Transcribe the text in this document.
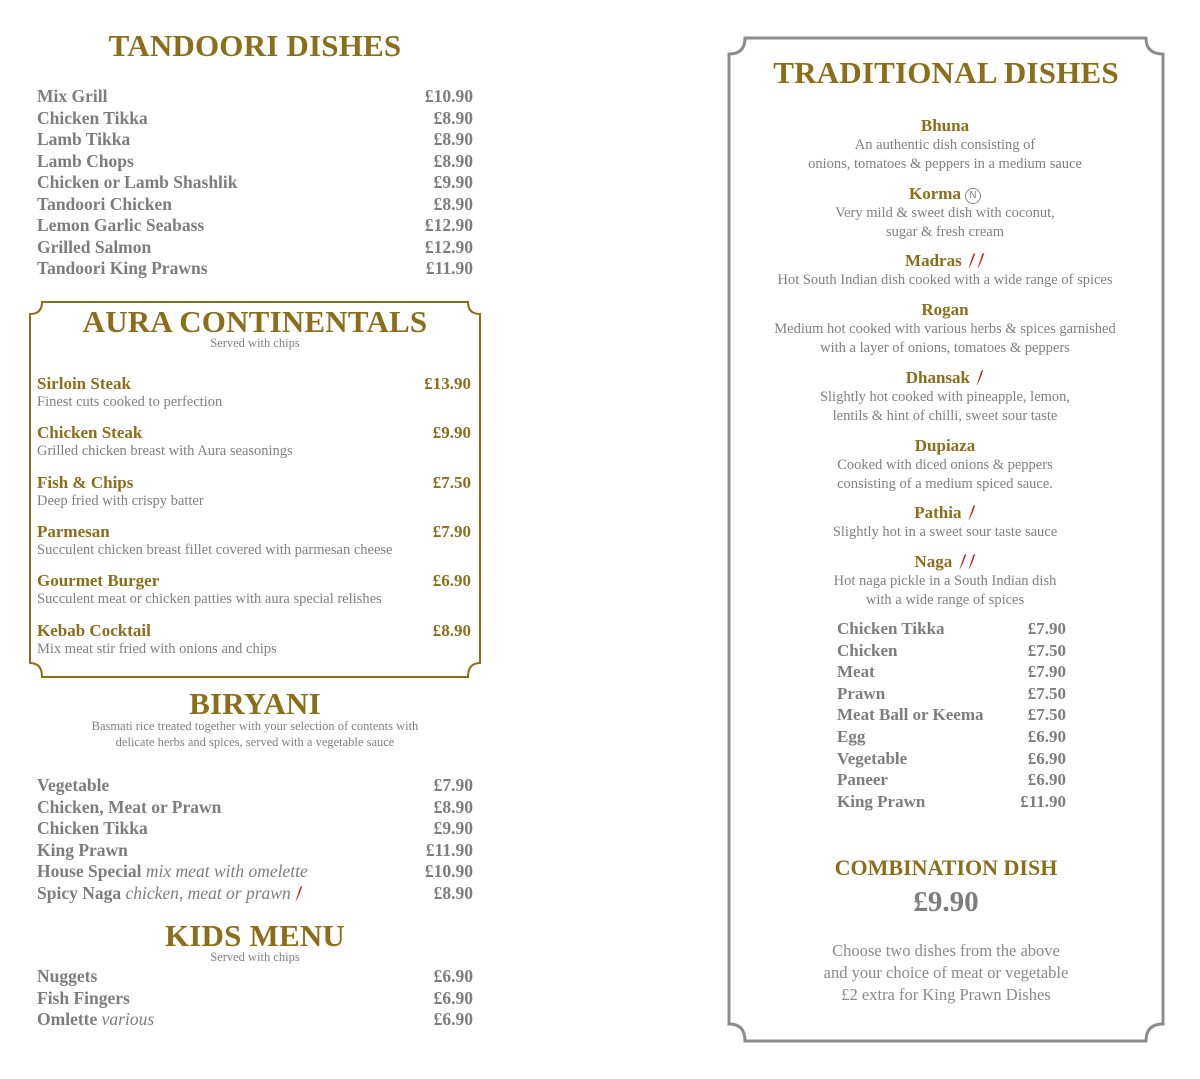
TANDOORI DISHES
Mix Grill	£10.90
Chicken Tikka	£8.90
Lamb Tikka	£8.90
Lamb Chops	£8.90
Chicken or Lamb Shashlik	£9.90
Tandoori Chicken	£8.90
Lemon Garlic Seabass	£12.90
Grilled Salmon	£12.90
Tandoori King Prawns	£11.90
AURA CONTINENTALS
Served with chips
Sirloin Steak	£13.90
Finest cuts cooked to perfection
Chicken Steak	£9.90
Grilled chicken breast with Aura seasonings
Fish & Chips	£7.50
Deep fried with crispy batter
Parmesan	£7.90
Succulent chicken breast fillet covered with parmesan cheese
Gourmet Burger	£6.90
Succulent meat or chicken patties with aura special relishes
Kebab Cocktail	£8.90
Mix meat stir fried with onions and chips
BIRYANI
Basmati rice treated together with your selection of contents with
delicate herbs and spices, served with a vegetable sauce
Vegetable	£7.90
Chicken, Meat or Prawn	£8.90
Chicken Tikka	£9.90
King Prawn	£11.90
House Special mix meat with omelette	£10.90
Spicy Naga chicken, meat or prawn	£8.90
KIDS MENU
Served with chips
Nuggets	£6.90
Fish Fingers	£6.90
Omlette various	£6.90
TRADITIONAL DISHES
Bhuna
An authentic dish consisting of
onions, tomatoes & peppers in a medium sauce
Korma N
Very mild & sweet dish with coconut,
sugar & fresh cream
Madras
Hot South Indian dish cooked with a wide range of spices
Rogan
Medium hot cooked with various herbs & spices garnished
with a layer of onions, tomatoes & peppers
Dhansak
Slightly hot cooked with pineapple, lemon,
lentils & hint of chilli, sweet sour taste
Dupiaza
Cooked with diced onions & peppers
consisting of a medium spiced sauce.
Pathia
Slightly hot in a sweet sour taste sauce
Naga
Hot naga pickle in a South Indian dish
with a wide range of spices
Chicken Tikka	£7.90
Chicken	£7.50
Meat	£7.90
Prawn	£7.50
Meat Ball or Keema	£7.50
Egg	£6.90
Vegetable	£6.90
Paneer	£6.90
King Prawn	£11.90
COMBINATION DISH
£9.90
Choose two dishes from the above
and your choice of meat or vegetable
£2 extra for King Prawn Dishes
